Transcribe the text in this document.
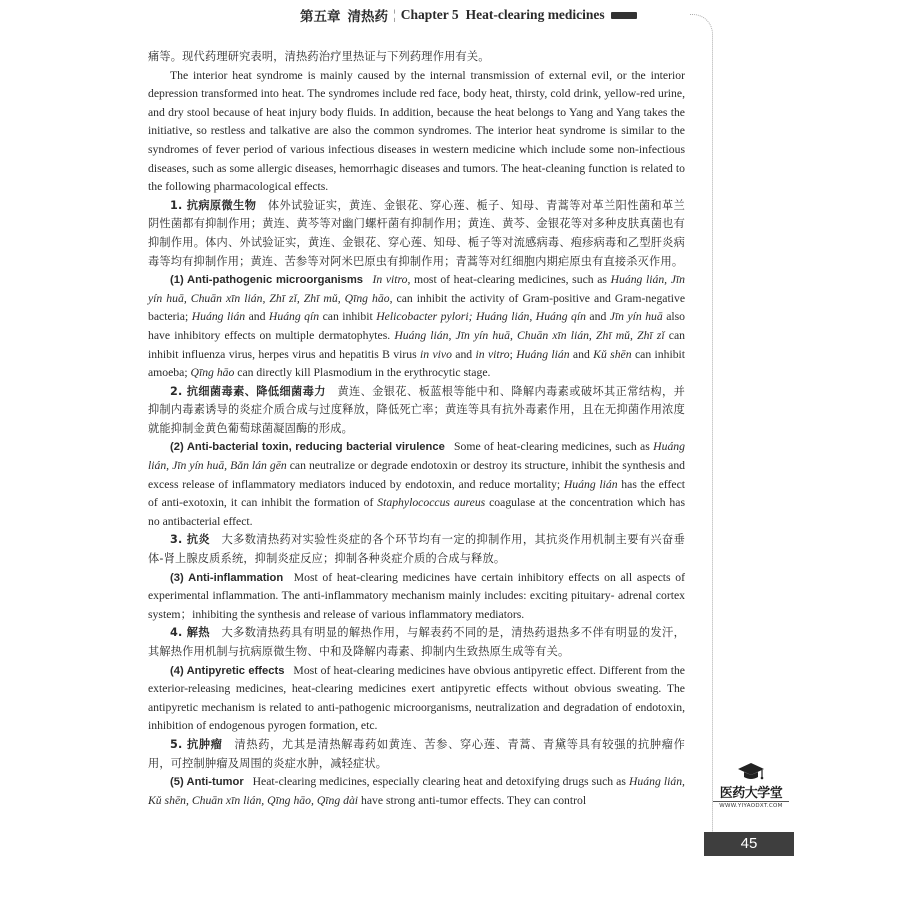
第五章 清热药 ¦ Chapter 5 Heat-clearing medicines

痛等。现代药理研究表明，清热药治疗里热证与下列药理作用有关。

The interior heat syndrome is mainly caused by the internal transmission of external evil, or the interior depression transformed into heat. The syndromes include red face, body heat, thirsty, cold drink, yellow-red urine, and dry stool because of heat injury body fluids. In addition, because the heat belongs to Yang and Yang takes the initiative, so restless and talkative are also the common syndromes. The interior heat syndrome is similar to the syndromes of fever period of various infectious diseases in western medicine which include some non-infectious diseases, such as some allergic diseases, hemorrhagic diseases and tumors. The heat-cleaning function is related to the following pharmacological effects.

1. 抗病原微生物  体外试验证实，黄连、金银花、穿心莲、栀子、知母、青蒿等对革兰阳性菌和革兰阴性菌都有抑制作用；黄连、黄芩等对幽门螺杆菌有抑制作用；黄连、黄芩、金银花等对多种皮肤真菌也有抑制作用。体内、外试验证实，黄连、金银花、穿心莲、知母、栀子等对流感病毒、疱疹病毒和乙型肝炎病毒等均有抑制作用；黄连、苦参等对阿米巴原虫有抑制作用；青蒿等对红细胞内期疟原虫有直接杀灭作用。

(1) Anti-pathogenic microorganisms  In vitro, most of heat-clearing medicines, such as Huáng lián, Jīn yín huā, Chuān xīn lián, Zhī zǐ, Zhī mǔ, Qīng hāo, can inhibit the activity of Gram-positive and Gram-negative bacteria; Huáng lián and Huáng qín can inhibit Helicobacter pylori; Huáng lián, Huáng qín and Jīn yín huā also have inhibitory effects on multiple dermatophytes. Huáng lián, Jīn yín huā, Chuān xīn lián, Zhī mǔ, Zhī zǐ can inhibit influenza virus, herpes virus and hepatitis B virus in vivo and in vitro; Huáng lián and Kǔ shēn can inhibit amoeba; Qīng hāo can directly kill Plasmodium in the erythrocytic stage.

2. 抗细菌毒素、降低细菌毒力  黄连、金银花、板蓝根等能中和、降解内毒素或破坏其正常结构，并抑制内毒素诱导的炎症介质合成与过度释放，降低死亡率；黄连等具有抗外毒素作用，且在无抑菌作用浓度就能抑制金黄色葡萄球菌凝固酶的形成。

(2) Anti-bacterial toxin, reducing bacterial virulence  Some of heat-clearing medicines, such as Huáng lián, Jīn yín huā, Bǎn lán gēn can neutralize or degrade endotoxin or destroy its structure, inhibit the synthesis and excess release of inflammatory mediators induced by endotoxin, and reduce mortality; Huáng lián has the effect of anti-exotoxin, it can inhibit the formation of Staphylococcus aureus coagulase at the concentration which has no antibacterial effect.

3. 抗炎  大多数清热药对实验性炎症的各个环节均有一定的抑制作用，其抗炎作用机制主要有兴奋垂体-肾上腺皮质系统，抑制炎症反应；抑制各种炎症介质的合成与释放。

(3) Anti-inflammation  Most of heat-clearing medicines have certain inhibitory effects on all aspects of experimental inflammation. The anti-inflammatory mechanism mainly includes: exciting pituitary- adrenal cortex system；inhibiting the synthesis and release of various inflammatory mediators.

4. 解热  大多数清热药具有明显的解热作用，与解表药不同的是，清热药退热多不伴有明显的发汗，其解热作用机制与抗病原微生物、中和及降解内毒素、抑制内生致热原生成等有关。

(4) Antipyretic effects  Most of heat-clearing medicines have obvious antipyretic effect. Different from the exterior-releasing medicines, heat-clearing medicines exert antipyretic effects without obvious sweating. The antipyretic mechanism is related to anti-pathogenic microorganisms, neutralization and degradation of endotoxin, inhibition of endogenous pyrogen formation, etc.

5. 抗肿瘤  清热药，尤其是清热解毒药如黄连、苦参、穿心莲、青蒿、青黛等具有较强的抗肿瘤作用，可控制肿瘤及周围的炎症水肿，减轻症状。

(5) Anti-tumor  Heat-clearing medicines, especially clearing heat and detoxifying drugs such as Huáng lián, Kǔ shēn, Chuān xīn lián, Qīng hāo, Qīng dài have strong anti-tumor effects. They can control	医药大学堂
WWW.YIYAODXT.COM
45
